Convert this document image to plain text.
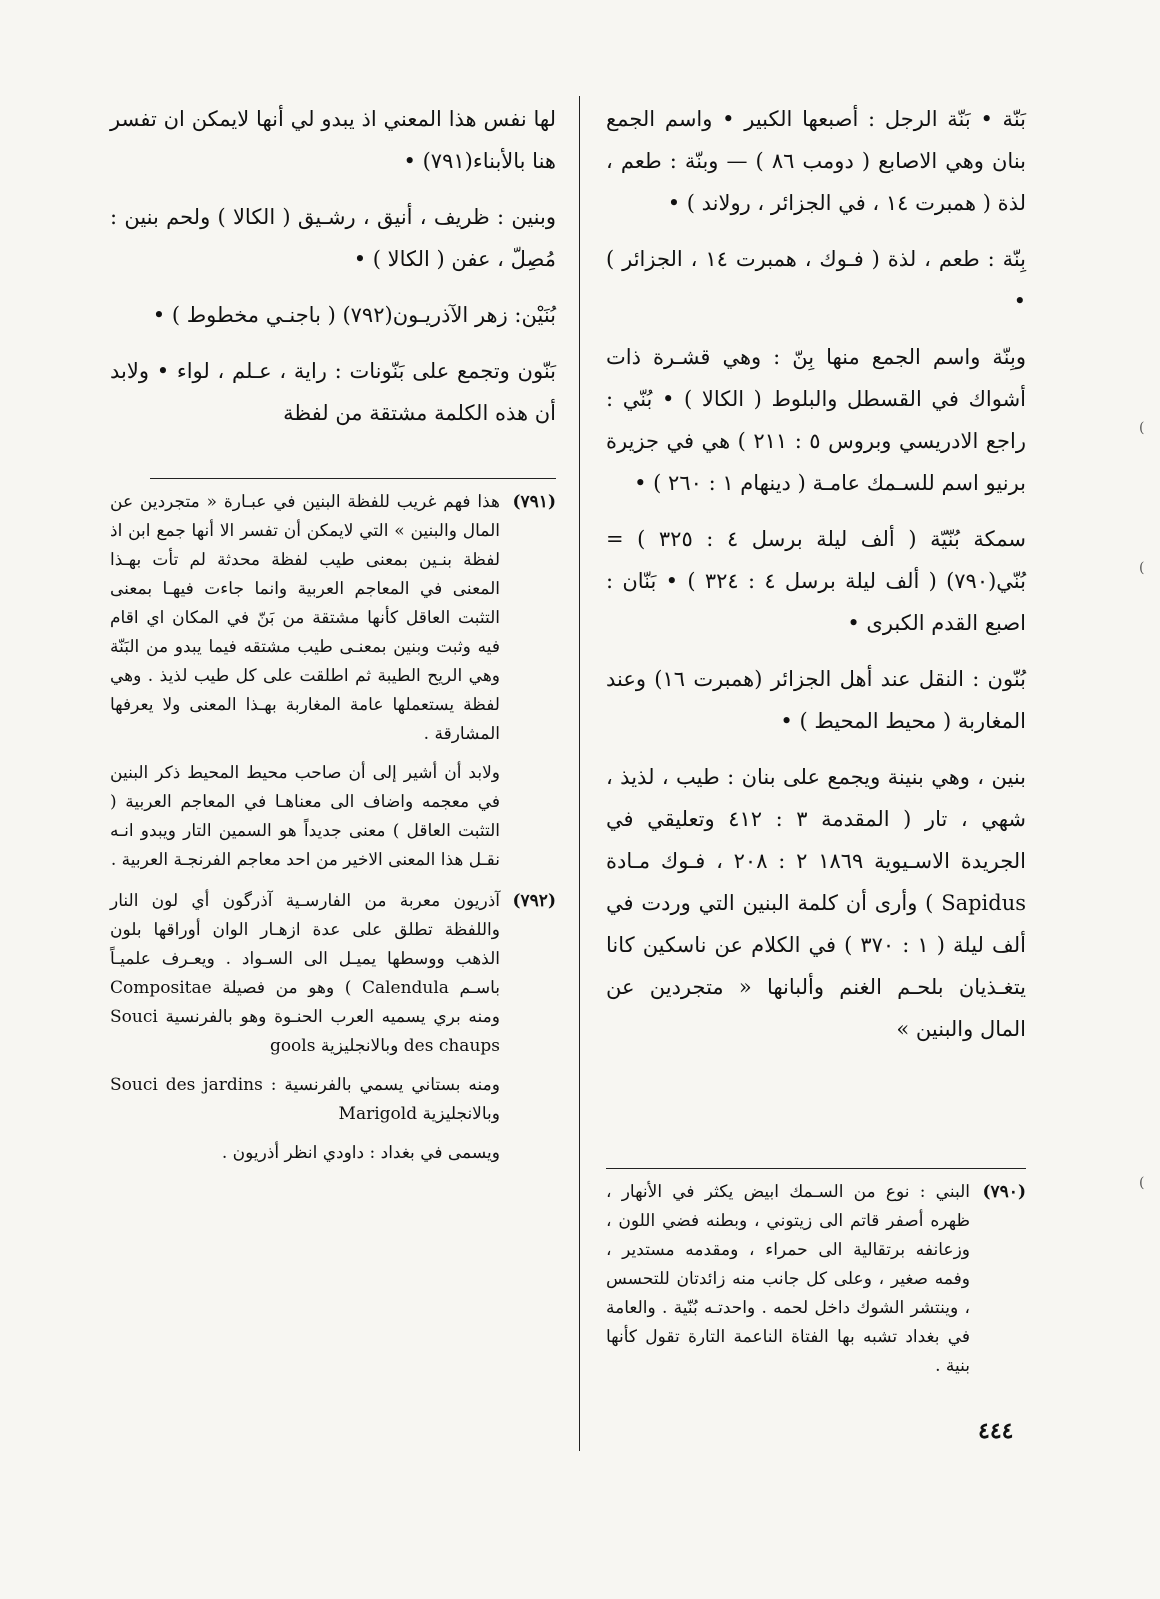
بَنّة • بَنّة الرجل : أصبعها الكبير • واسم الجمع بنان وهي الاصابع ( دومب ٨٦ ) — وبنّة : طعم ، لذة ( همبرت ١٤ ، في الجزائر ، رولاند ) •

بِنّة : طعم ، لذة ( فـوك ، همبرت ١٤ ، الجزائر ) •

وبِنّة واسم الجمع منها بِنّ : وهي قشـرة ذات أشواك في القسطل والبلوط ( الكالا ) • بُنّي : راجع الادريسي وبروس ٥ : ٢١١ ) هي في جزيرة برنيو اسم للسـمك عامـة ( دينهام ١ : ٢٦٠ ) •

سمكة بُنّيّة ( ألف ليلة برسل ٤ : ٣٢٥ ) = بُنّي(٧٩٠) ( ألف ليلة برسل ٤ : ٣٢٤ ) • بَنّان : اصبع القدم الكبرى •

بُنّون : النقل عند أهل الجزائر (همبرت ١٦) وعند المغاربة ( محيط المحيط ) •

بنين ، وهي بنينة ويجمع على بنان : طيب ، لذيذ ، شهي ، تار ( المقدمة ٣ : ٤١٢ وتعليقي في الجريدة الاسـيوية ١٨٦٩ ٢ : ٢٠٨ ، فـوك مـادة Sapidus ) وأرى أن كلمة البنين التي وردت في ألف ليلة ( ١ : ٣٧٠ ) في الكلام عن ناسكين كانا يتغـذيان بلحـم الغنم وألبانها « متجردين عن المال والبنين »

(٧٩٠)

البني : نوع من السـمك ابيض يكثر في الأنهار ، ظهره أصفر قاتم الى زيتوني ، وبطنه فضي اللون ، وزعانفه برتقالية الى حمراء ، ومقدمه مستدير ، وفمه صغير ، وعلى كل جانب منه زائدتان للتحسس ، وينتشر الشوك داخل لحمه . واحدتـه بُنّية . والعامة في بغداد تشبه بها الفتاة الناعمة التارة تقول كأنها بنية .

لها نفس هذا المعني اذ يبدو لي أنها لايمكن ان تفسر هنا بالأبناء(٧٩١) •

وبنين : ظريف ، أنيق ، رشـيق ( الكالا ) ولحم بنين : مُصِلّ ، عفن ( الكالا ) •

بُنَيْن: زهر الآذريـون(٧٩٢) ( باجنـي مخطوط ) •

بَنّون وتجمع على بَنّونات : راية ، عـلم ، لواء • ولابد أن هذه الكلمة مشتقة من لفظة

(٧٩١)

هذا فهم غريب للفظة البنين في عبـارة « متجردين عن المال والبنين » التي لايمكن أن تفسر الا أنها جمع ابن اذ لفظة بنـين بمعنى طيب لفظة محدثة لم تأت بهـذا المعنى في المعاجم العربية وانما جاءت فيهـا بمعنى التثبت العاقل كأنها مشتقة من بَنّ في المكان اي اقام فيه وثبت وبنين بمعنـى طيب مشتقه فيما يبدو من البَنّة وهي الريح الطيبة ثم اطلقت على كل طيب لذيذ . وهي لفظة يستعملها عامة المغاربة بهـذا المعنى ولا يعرفها المشارقة .

ولابد أن أشير إلى أن صاحب محيط المحيط ذكر البنين في معجمه واضاف الى معناهـا في المعاجم العربية ( التثبت العاقل ) معنى جديداً هو السمين التار ويبدو انـه نقـل هذا المعنى الاخير من احد معاجم الفرنجـة العربية .

(٧٩٢)

آذريون معربة من الفارسـية آذرگون أي لون النار واللفظة تطلق على عدة ازهـار الوان أوراقها بلون الذهب ووسطها يميـل الى السـواد . ويعـرف علميـاً باسـم Calendula ) وهو من فصيلة Compositae ومنه بري يسميه العرب الحنـوة وهو بالفرنسية Souci des chaups وبالانجليزية gools

ومنه بستاني يسمي بالفرنسية : Souci des jardins وبالانجليزية Marigold

ويسمى في بغداد : داودي انظر أذريون .

٤٤٤
(
(
(
